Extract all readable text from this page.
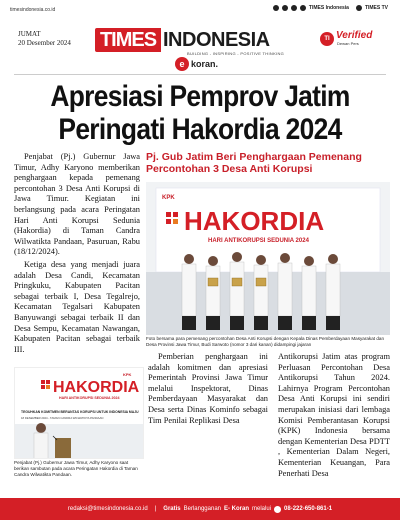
timesindonesia.co.id	TIMES Indonesia	TIMES TV
JUMAT
20 Desember 2024 TIMES INDONESIA
BUILDING - INSPIRING - POSITIVE THINKING
e koran.
TI Verified
Dewan Pers
Apresiasi Pemprov Jatim
Peringati Hakordia 2024

Penjabat (Pj.) Gubernur Jawa Timur, Adhy Karyono memberikan penghargaan kepada pemenang percontohan 3 Desa Anti Korupsi di Jawa Timur. Kegiatan ini berlangsung pada acara Peringatan Hari Anti Korupsi Sedunia (Hakordia) di Taman Candra Wilwatikta Pandaan, Pasuruan, Rabu (18/12/2024).

Ketiga desa yang menjadi juara adalah Desa Candi, Kecamatan Pringkuku, Kabupaten Pacitan sebagai terbaik I, Desa Tegalrejo, Kecamatan Tegalsari Kabupaten Banyuwangi sebagai terbaik II dan Desa Sempu, Kecamatan Nawangan, Kabupaten Pacitan sebagai terbaik III.

Pj. Gub Jatim Beri Penghargaan Pemenang Percontohan 3 Desa Anti Korupsi
KPK
HAKORDIA
HARI ANTIKORUPSI SEDUNIA 2024
Foto bersama para pemenang percontohan Desa Anti Korupsi dengan Kepala Dinas Pemberdayaan Masyarakat dan Desa Provinsi Jawa Timur, Budi Sarwoto (nomor 3 dari kanan) didampingi jajaran

Pemberian penghargaan ini adalah komitmen dan apresiasi Pemerintah Provinsi Jawa Timur melalui Inspektorat, Dinas Pemberdayaan Masyarakat dan Desa serta Dinas Kominfo sebagai Tim Penilai Replikasi Desa

Antikorupsi Jatim atas program Perluasan Percontohan Desa Antikorupsi Tahun 2024. Lahirnya Program Percontohan Desa Anti Korupsi ini sendiri merupakan inisiasi dari lembaga Komisi Pemberantasan Korupsi (KPK) Indonesia bersama dengan Kementerian Desa PDTT , Kementerian Dalam Negeri, Kementerian Keuangan, Para Penerhati Desa

KPK
HAKORDIA
HARI ANTIKORUPSI SEDUNIA 2024
TEGUHKAN KOMITMEN BERANTAS KORUPSI UNTUK INDONESIA MAJU
18 DESEMBER 2024 - TAMAN CANDRA WILWATIKTA PANDAAN
Penjabat (Pj.) Gubernur Jawa Timur, Adhy Karyono saat berikan sambutan pada acara Peringatan Hakordia di Taman Candra Wilwatikta Pandaan.
redaksi@timesindonesia.co.id | Gratis Berlangganan E- Koran melalui 08-222-650-861-1
